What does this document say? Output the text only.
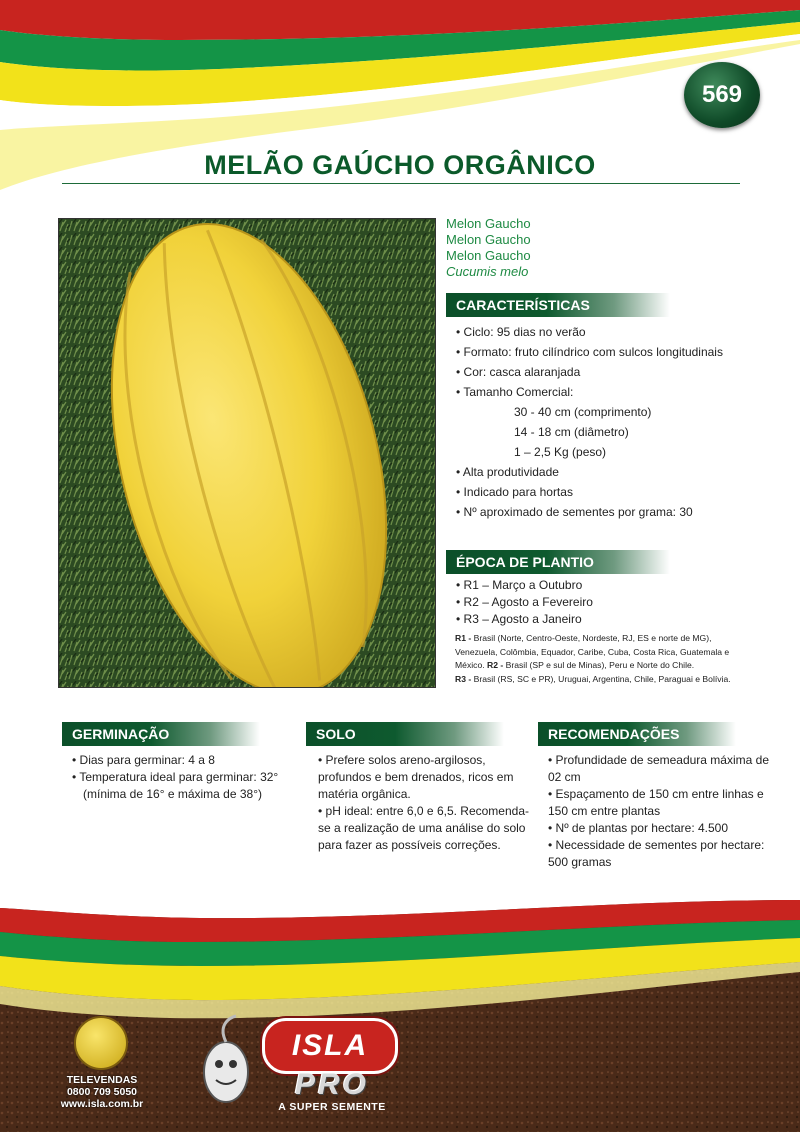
569
MELÃO GAÚCHO ORGÂNICO
Melon Gaucho
Melon Gaucho
Melon Gaucho
Cucumis melo
CARACTERÍSTICAS
• Ciclo: 95 dias no verão
• Formato: fruto cilíndrico com sulcos longitudinais
• Cor: casca alaranjada
• Tamanho Comercial:
30 - 40 cm (comprimento)
14 - 18 cm (diâmetro)
1 – 2,5 Kg (peso)
• Alta produtividade
• Indicado para hortas
• Nº aproximado de sementes por grama: 30
ÉPOCA DE PLANTIO
• R1 – Março a Outubro
• R2 – Agosto a Fevereiro
• R3 – Agosto a Janeiro
R1 - Brasil (Norte, Centro-Oeste, Nordeste, RJ, ES e norte de MG), Venezuela, Colômbia, Equador, Caribe, Cuba, Costa Rica, Guatemala e México. R2 - Brasil (SP e sul de Minas), Peru e Norte do Chile.
R3 - Brasil (RS, SC e PR), Uruguai, Argentina, Chile, Paraguai e Bolívia.
GERMINAÇÃO
• Dias para germinar: 4 a 8
• Temperatura ideal para germinar: 32°
(mínima de 16° e máxima de 38°)
SOLO
• Prefere solos areno-argilosos, profundos e bem drenados, ricos em matéria orgânica.
• pH ideal: entre 6,0 e 6,5. Recomenda-se a realização de uma análise do solo para fazer as possíveis correções.
RECOMENDAÇÕES
• Profundidade de semeadura máxima de 02 cm
• Espaçamento de 150 cm entre linhas e 150 cm entre plantas
• Nº de plantas por hectare: 4.500
• Necessidade de sementes por hectare: 500 gramas
TELEVENDAS
0800 709 5050
www.isla.com.br
ISLA
PRO
A SUPER SEMENTE
